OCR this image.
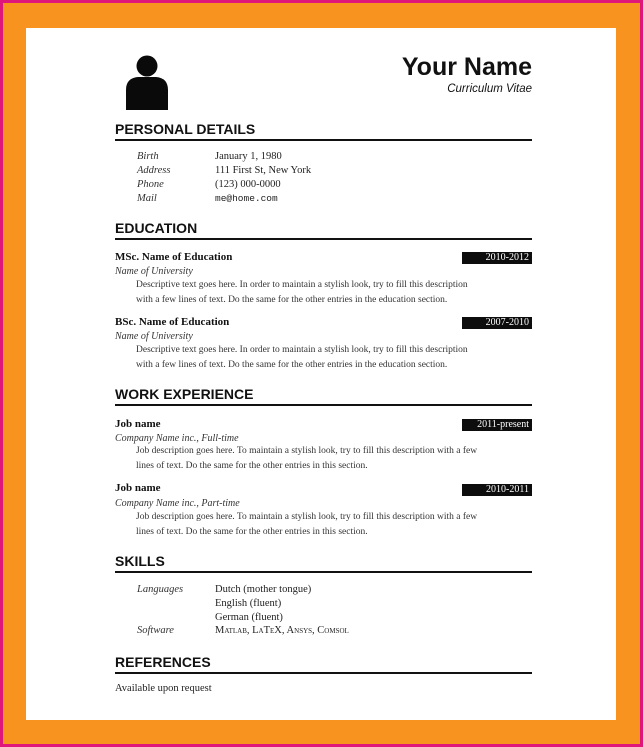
Your Name
Curriculum Vitae
PERSONAL DETAILS
Birth	January 1, 1980
Address	111 First St, New York
Phone	(123) 000-0000
Mail	me@home.com
EDUCATION
MSc. Name of Education	2010-2012
Name of University
Descriptive text goes here. In order to maintain a stylish look, try to fill this description
with a few lines of text. Do the same for the other entries in the education section.
BSc. Name of Education	2007-2010
Name of University
Descriptive text goes here. In order to maintain a stylish look, try to fill this description
with a few lines of text. Do the same for the other entries in the education section.
WORK EXPERIENCE
Job name	2011-present
Company Name inc., Full-time
Job description goes here. To maintain a stylish look, try to fill this description with a few
lines of text. Do the same for the other entries in this section.
Job name	2010-2011
Company Name inc., Part-time
Job description goes here. To maintain a stylish look, try to fill this description with a few
lines of text. Do the same for the other entries in this section.
SKILLS
Languages	Dutch (mother tongue)
English (fluent)
German (fluent)
Software	Matlab, LaTeX, Ansys, Comsol
REFERENCES
Available upon request
